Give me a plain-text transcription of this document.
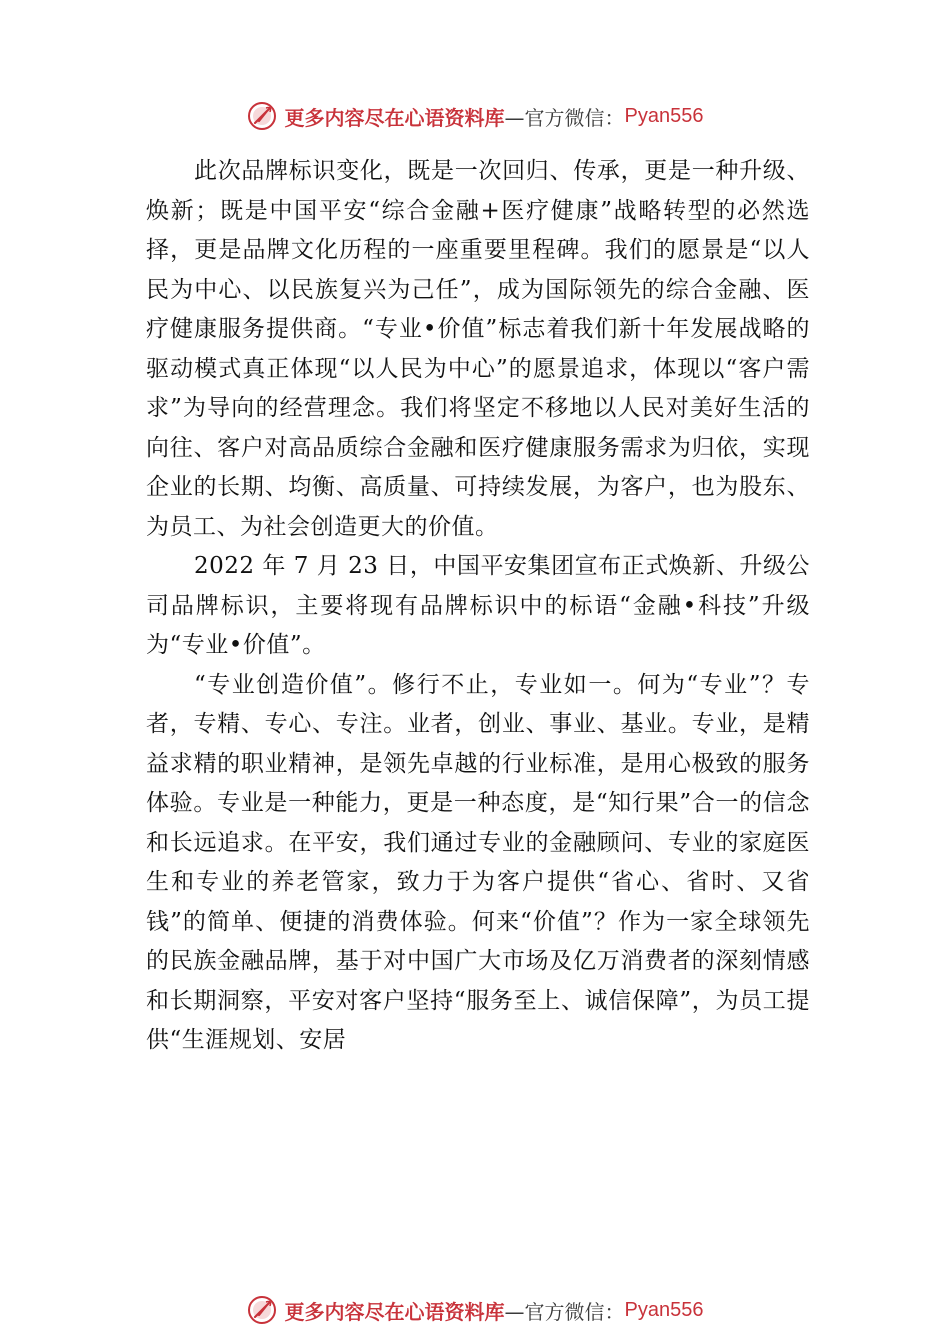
更多内容尽在心语资料库 —官方微信： Pyan556

此次品牌标识变化，既是一次回归、传承，更是一种升级、焕新；既是中国平安“综合金融+医疗健康”战略转型的必然选择，更是品牌文化历程的一座重要里程碑。我们的愿景是“以人民为中心、以民族复兴为己任”，成为国际领先的综合金融、医疗健康服务提供商。“专业•价值”标志着我们新十年发展战略的驱动模式真正体现“以人民为中心”的愿景追求，体现以“客户需求”为导向的经营理念。我们将坚定不移地以人民对美好生活的向往、客户对高品质综合金融和医疗健康服务需求为归依，实现企业的长期、均衡、高质量、可持续发展，为客户，也为股东、为员工、为社会创造更大的价值。

2022 年 7 月 23 日，中国平安集团宣布正式焕新、升级公司品牌标识，主要将现有品牌标识中的标语“金融•科技”升级为“专业•价值”。

“专业创造价值”。修行不止，专业如一。何为“专业”？专者，专精、专心、专注。业者，创业、事业、基业。专业，是精益求精的职业精神，是领先卓越的行业标准，是用心极致的服务体验。专业是一种能力，更是一种态度，是“知行果”合一的信念和长远追求。在平安，我们通过专业的金融顾问、专业的家庭医生和专业的养老管家，致力于为客户提供“省心、省时、又省钱”的简单、便捷的消费体验。何来“价值”？作为一家全球领先的民族金融品牌，基于对中国广大市场及亿万消费者的深刻情感和长期洞察，平安对客户坚持“服务至上、诚信保障”，为员工提供“生涯规划、安居

更多内容尽在心语资料库 —官方微信： Pyan556
